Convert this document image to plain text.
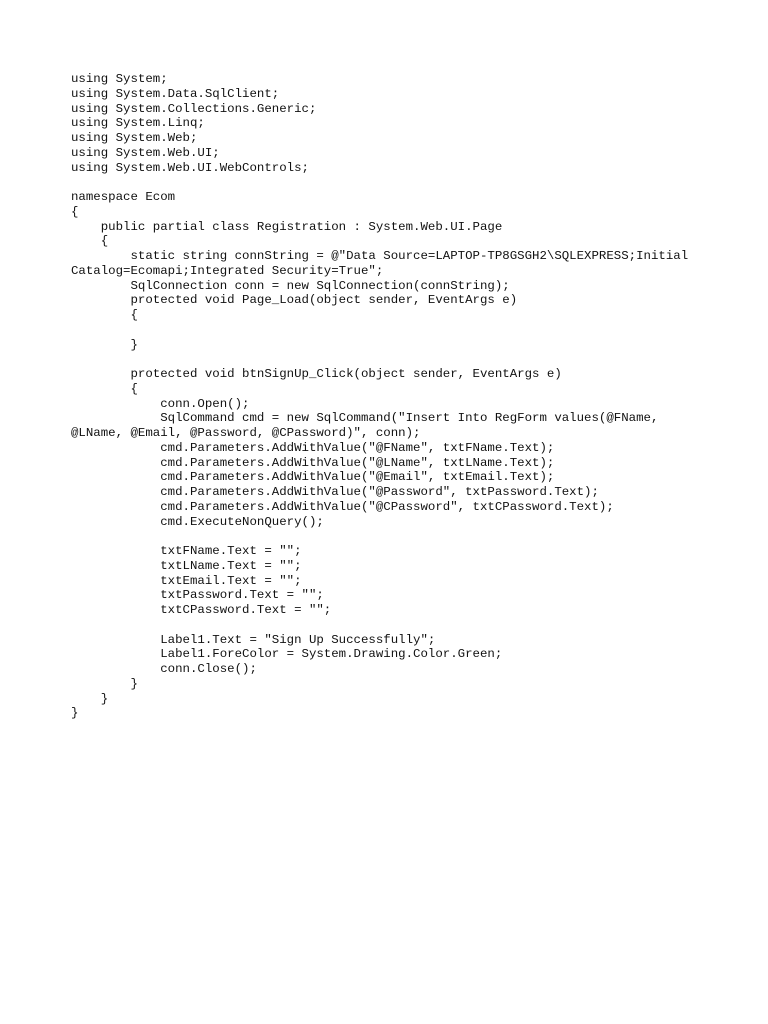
using System;
using System.Data.SqlClient;
using System.Collections.Generic;
using System.Linq;
using System.Web;
using System.Web.UI;
using System.Web.UI.WebControls;
namespace Ecom
{
public partial class Registration : System.Web.UI.Page
{
static string connString = @"Data Source=LAPTOP-TP8GSGH2\SQLEXPRESS;Initial
Catalog=Ecomapi;Integrated Security=True";
SqlConnection conn = new SqlConnection(connString);
protected void Page_Load(object sender, EventArgs e)
{
}
protected void btnSignUp_Click(object sender, EventArgs e)
{
conn.Open();
SqlCommand cmd = new SqlCommand("Insert Into RegForm values(@FName,
@LName, @Email, @Password, @CPassword)", conn);
cmd.Parameters.AddWithValue("@FName", txtFName.Text);
cmd.Parameters.AddWithValue("@LName", txtLName.Text);
cmd.Parameters.AddWithValue("@Email", txtEmail.Text);
cmd.Parameters.AddWithValue("@Password", txtPassword.Text);
cmd.Parameters.AddWithValue("@CPassword", txtCPassword.Text);
cmd.ExecuteNonQuery();
txtFName.Text = "";
txtLName.Text = "";
txtEmail.Text = "";
txtPassword.Text = "";
txtCPassword.Text = "";
Label1.Text = "Sign Up Successfully";
Label1.ForeColor = System.Drawing.Color.Green;
conn.Close();
}
}
}
